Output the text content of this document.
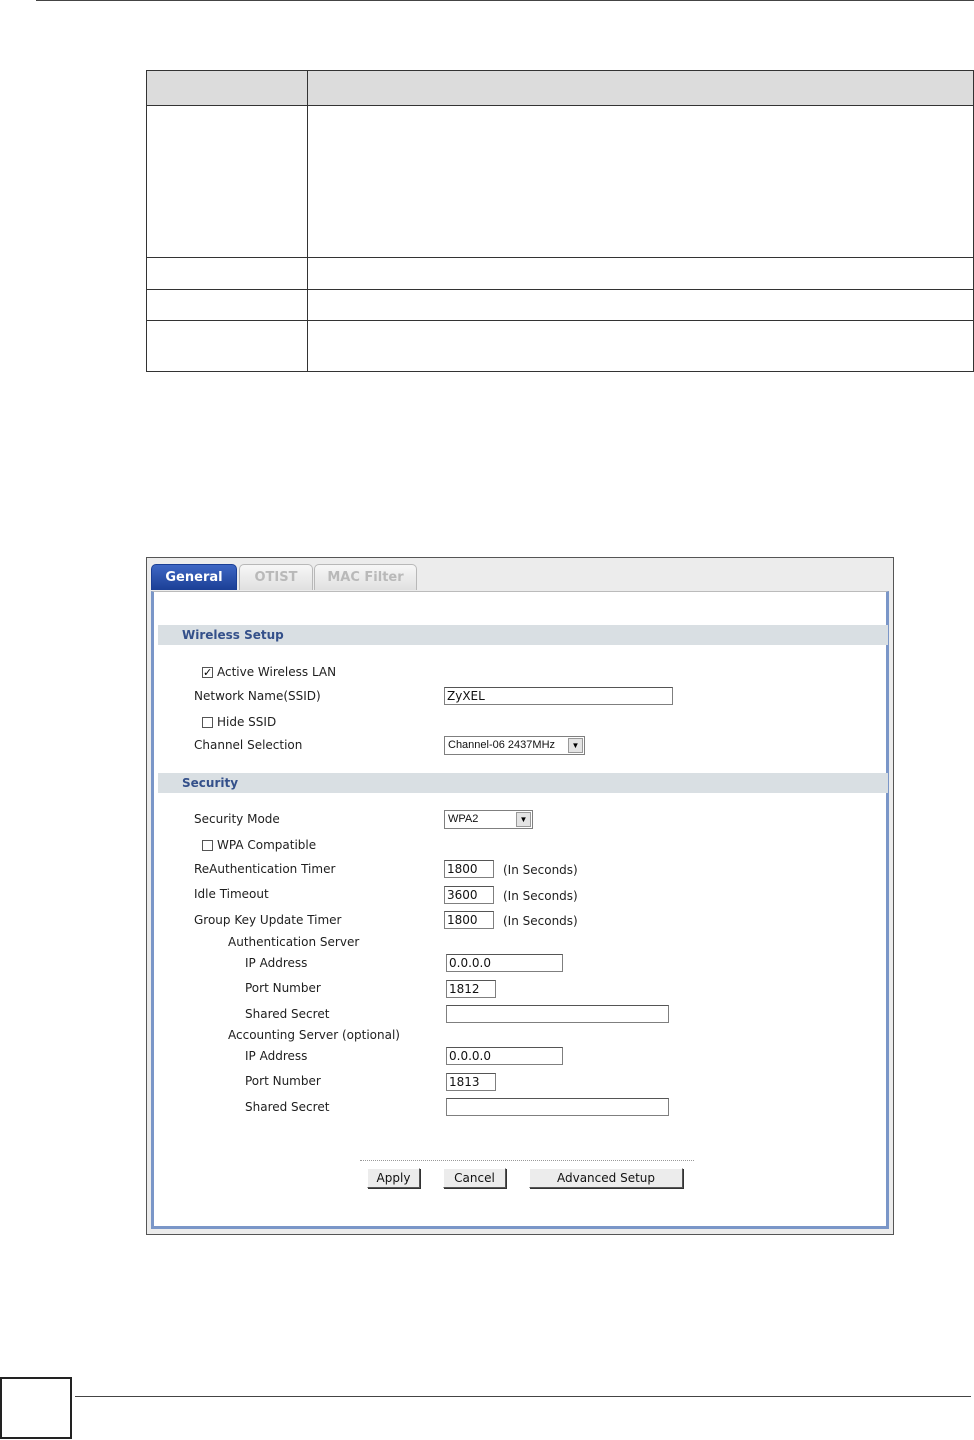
General	OTIST	MAC Filter
Wireless Setup
✓ Active Wireless LAN
Network Name(SSID)	ZyXEL
Hide SSID
Channel Selection	Channel-06 2437MHz	▼
Security
Security Mode	WPA2	▼
WPA Compatible
ReAuthentication Timer	1800	(In Seconds)
Idle Timeout	3600	(In Seconds)
Group Key Update Timer	1800	(In Seconds)
Authentication Server
IP Address	0.0.0.0
Port Number	1812
Shared Secret
Accounting Server (optional)
IP Address	0.0.0.0
Port Number	1813
Shared Secret
Apply	Cancel	Advanced Setup
